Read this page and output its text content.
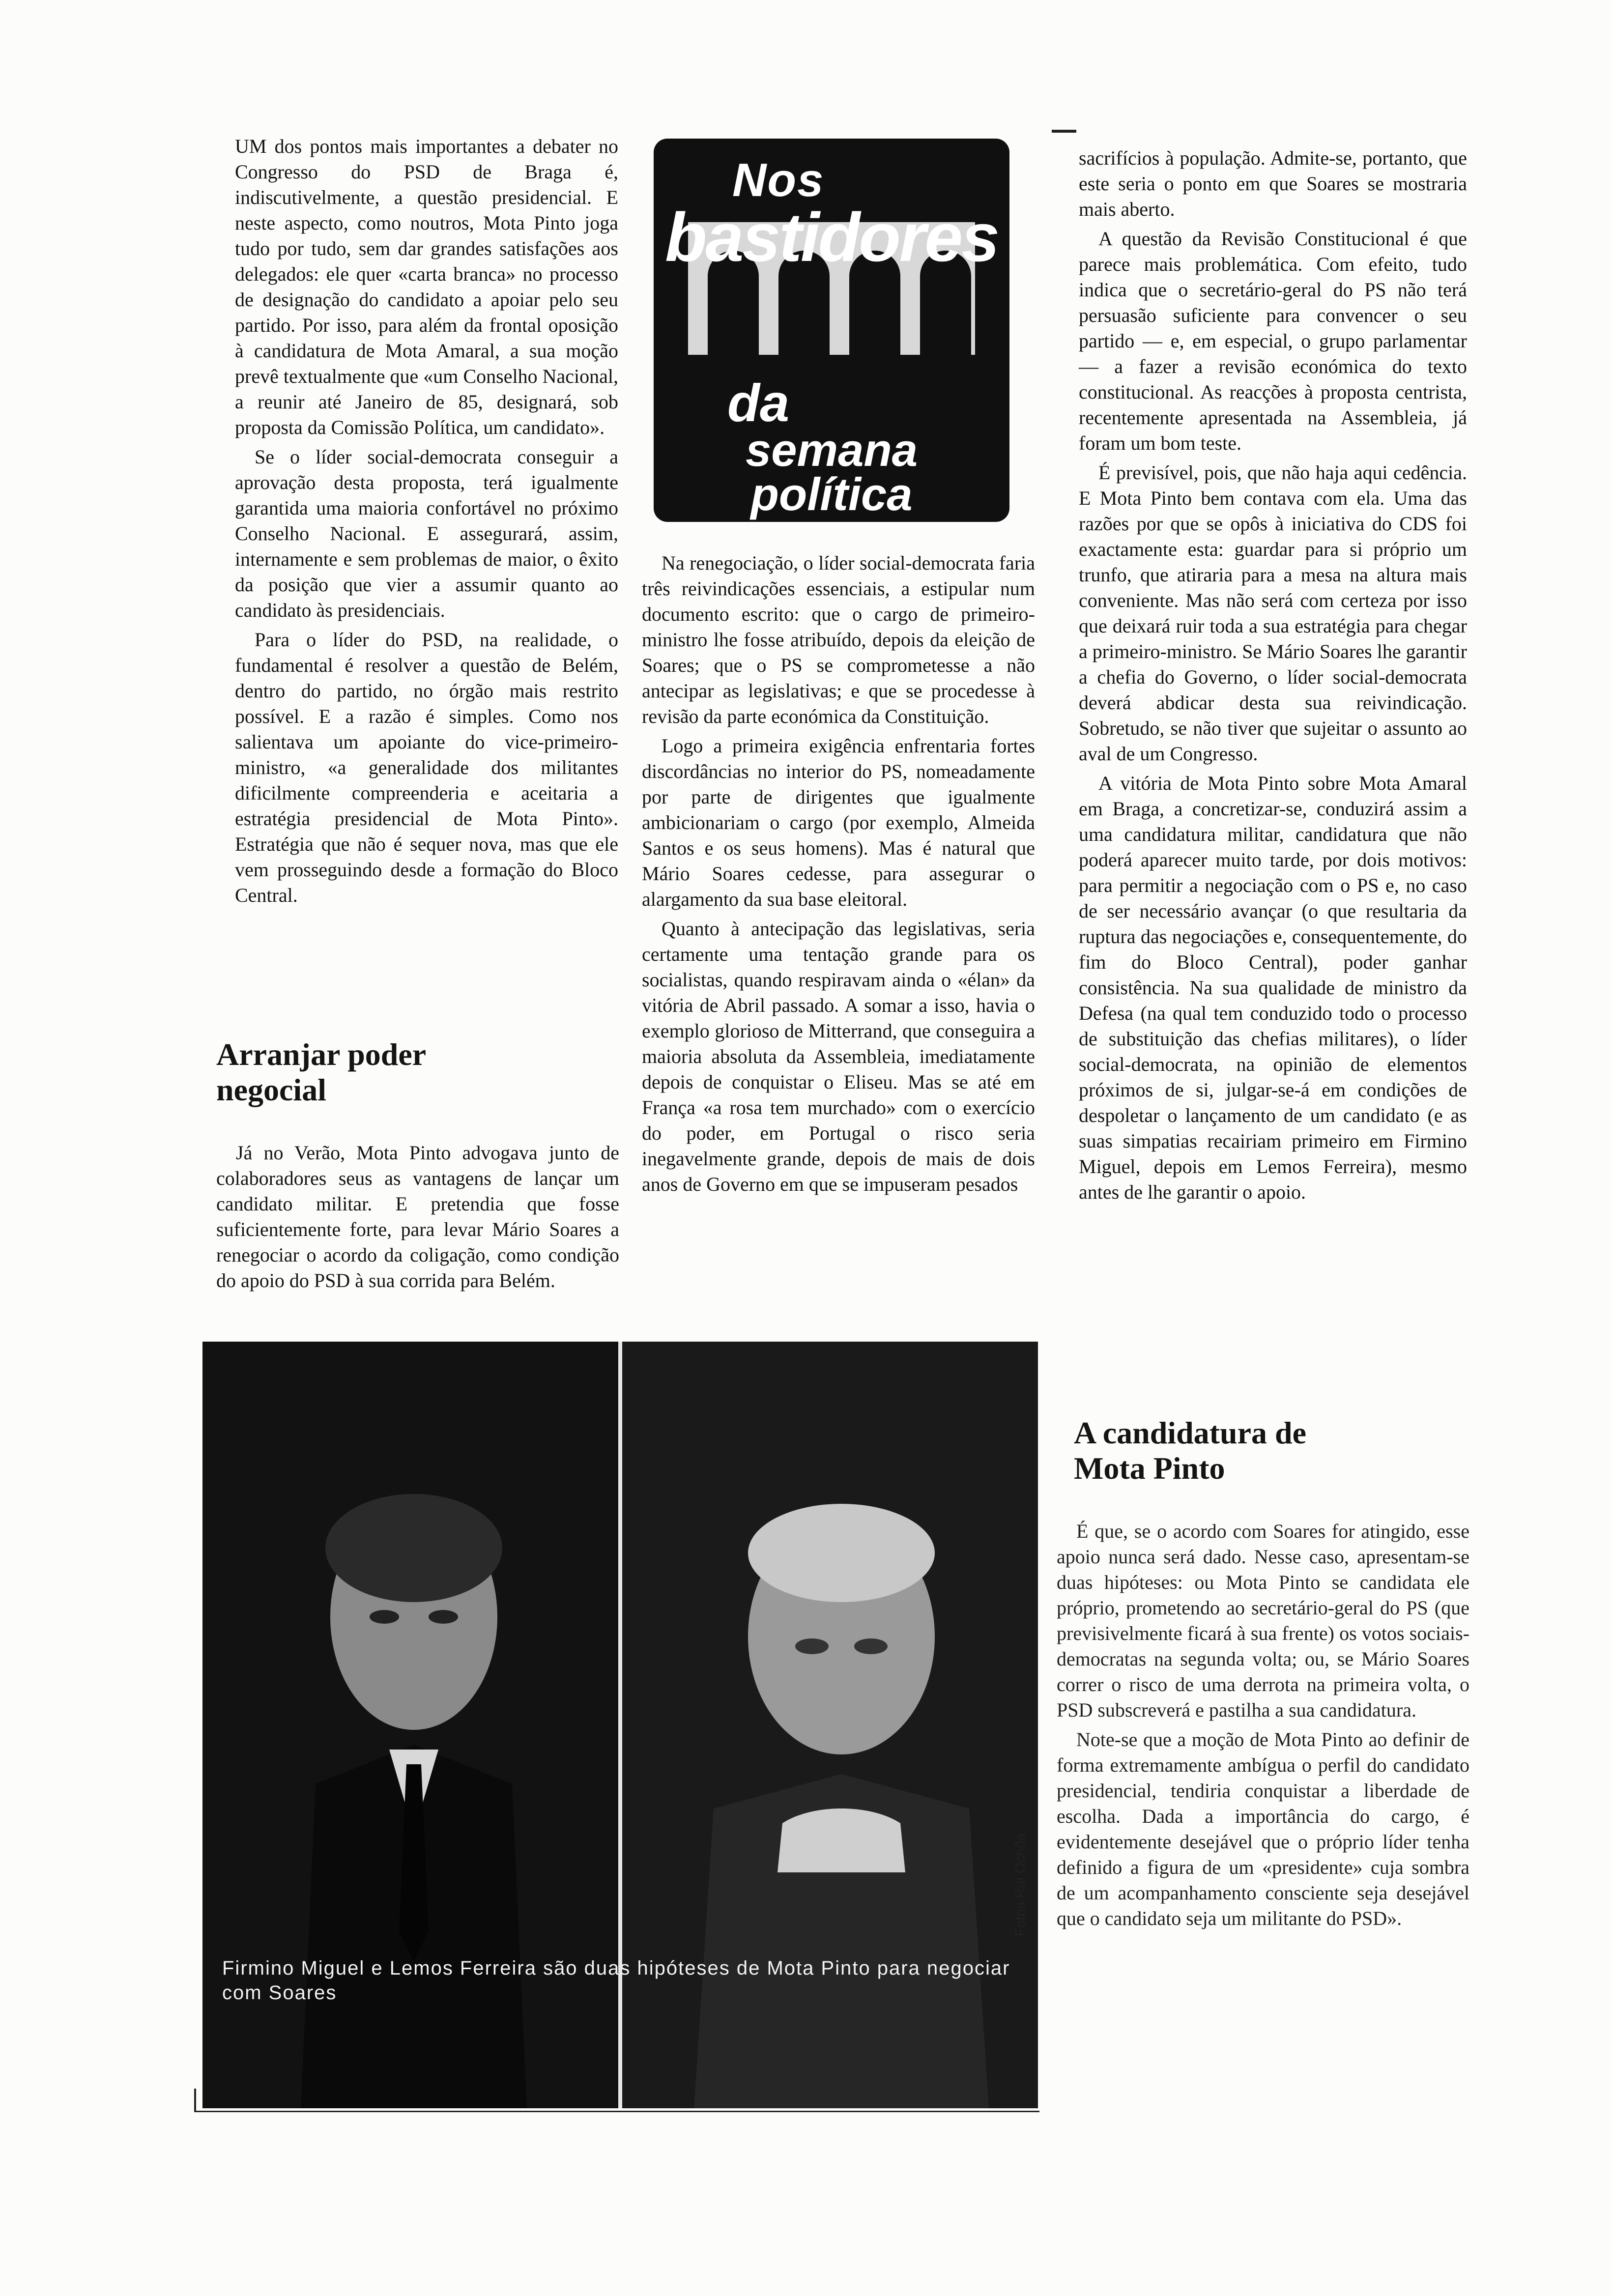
UM dos pontos mais importantes a debater no Congresso do PSD de Braga é, indiscutivelmente, a questão presidencial. E neste aspecto, como noutros, Mota Pinto joga tudo por tudo, sem dar grandes satisfações aos delegados: ele quer «carta branca» no processo de designação do candidato a apoiar pelo seu partido. Por isso, para além da frontal oposição à candidatura de Mota Amaral, a sua moção prevê textualmente que «um Conselho Nacional, a reunir até Janeiro de 85, designará, sob proposta da Comissão Política, um candidato».

Se o líder social-democrata conseguir a aprovação desta proposta, terá igualmente garantida uma maioria confortável no próximo Conselho Nacional. E assegurará, assim, internamente e sem problemas de maior, o êxito da posição que vier a assumir quanto ao candidato às presidenciais.

Para o líder do PSD, na realidade, o fundamental é resolver a questão de Belém, dentro do partido, no órgão mais restrito possível. E a razão é simples. Como nos salientava um apoiante do vice-primeiro-ministro, «a generalidade dos militantes dificilmente compreenderia e aceitaria a estratégia presidencial de Mota Pinto». Estratégia que não é sequer nova, mas que ele vem prosseguindo desde a formação do Bloco Central.

Arranjar poder negocial

Já no Verão, Mota Pinto advogava junto de colaboradores seus as vantagens de lançar um candidato militar. E pretendia que fosse suficientemente forte, para levar Mário Soares a renegociar o acordo da coligação, como condição do apoio do PSD à sua corrida para Belém.

Nos
bastidores
da
semana
política

Na renegociação, o líder social-democrata faria três reivindicações essenciais, a estipular num documento escrito: que o cargo de primeiro-ministro lhe fosse atribuído, depois da eleição de Soares; que o PS se comprometesse a não antecipar as legislativas; e que se procedesse à revisão da parte económica da Constituição.

Logo a primeira exigência enfrentaria fortes discordâncias no interior do PS, nomeadamente por parte de dirigentes que igualmente ambicionariam o cargo (por exemplo, Almeida Santos e os seus homens). Mas é natural que Mário Soares cedesse, para assegurar o alargamento da sua base eleitoral.

Quanto à antecipação das legislativas, seria certamente uma tentação grande para os socialistas, quando respiravam ainda o «élan» da vitória de Abril passado. A somar a isso, havia o exemplo glorioso de Mitterrand, que conseguira a maioria absoluta da Assembleia, imediatamente depois de conquistar o Eliseu. Mas se até em França «a rosa tem murchado» com o exercício do poder, em Portugal o risco seria inegavelmente grande, depois de mais de dois anos de Governo em que se impuseram pesados

sacrifícios à população. Admite-se, portanto, que este seria o ponto em que Soares se mostraria mais aberto.

A questão da Revisão Constitucional é que parece mais problemática. Com efeito, tudo indica que o secretário-geral do PS não terá persuasão suficiente para convencer o seu partido — e, em especial, o grupo parlamentar — a fazer a revisão económica do texto constitucional. As reacções à proposta centrista, recentemente apresentada na Assembleia, já foram um bom teste.

É previsível, pois, que não haja aqui cedência. E Mota Pinto bem contava com ela. Uma das razões por que se opôs à iniciativa do CDS foi exactamente esta: guardar para si próprio um trunfo, que atiraria para a mesa na altura mais conveniente. Mas não será com certeza por isso que deixará ruir toda a sua estratégia para chegar a primeiro-ministro. Se Mário Soares lhe garantir a chefia do Governo, o líder social-democrata deverá abdicar desta sua reivindicação. Sobretudo, se não tiver que sujeitar o assunto ao aval de um Congresso.

A vitória de Mota Pinto sobre Mota Amaral em Braga, a concretizar-se, conduzirá assim a uma candidatura militar, candidatura que não poderá aparecer muito tarde, por dois motivos: para permitir a negociação com o PS e, no caso de ser necessário avançar (o que resultaria da ruptura das negociações e, consequentemente, do fim do Bloco Central), poder ganhar consistência. Na sua qualidade de ministro da Defesa (na qual tem conduzido todo o processo de substituição das chefias militares), o líder social-democrata, na opinião de elementos próximos de si, julgar-se-á em condições de despoletar o lançamento de um candidato (e as suas simpatias recairiam primeiro em Firmino Miguel, depois em Lemos Ferreira), mesmo antes de lhe garantir o apoio.

A candidatura de Mota Pinto

É que, se o acordo com Soares for atingido, esse apoio nunca será dado. Nesse caso, apresentam-se duas hipóteses: ou Mota Pinto se candidata ele próprio, prometendo ao secretário-geral do PS (que previsivelmente ficará à sua frente) os votos sociais-democratas na segunda volta; ou, se Mário Soares correr o risco de uma derrota na primeira volta, o PSD subscreverá e pastilha a sua candidatura.

Note-se que a moção de Mota Pinto ao definir de forma extremamente ambígua o perfil do candidato presidencial, tendiria conquistar a liberdade de escolha. Dada a importância do cargo, é evidentemente desejável que o próprio líder tenha definido a figura de um «presidente» cuja sombra de um acompanhamento consciente seja desejável que o candidato seja um militante do PSD».

Firmino Miguel e Lemos Ferreira são duas hipóteses de Mota Pinto para negociar com Soares
Fotos Rui Ochôa
